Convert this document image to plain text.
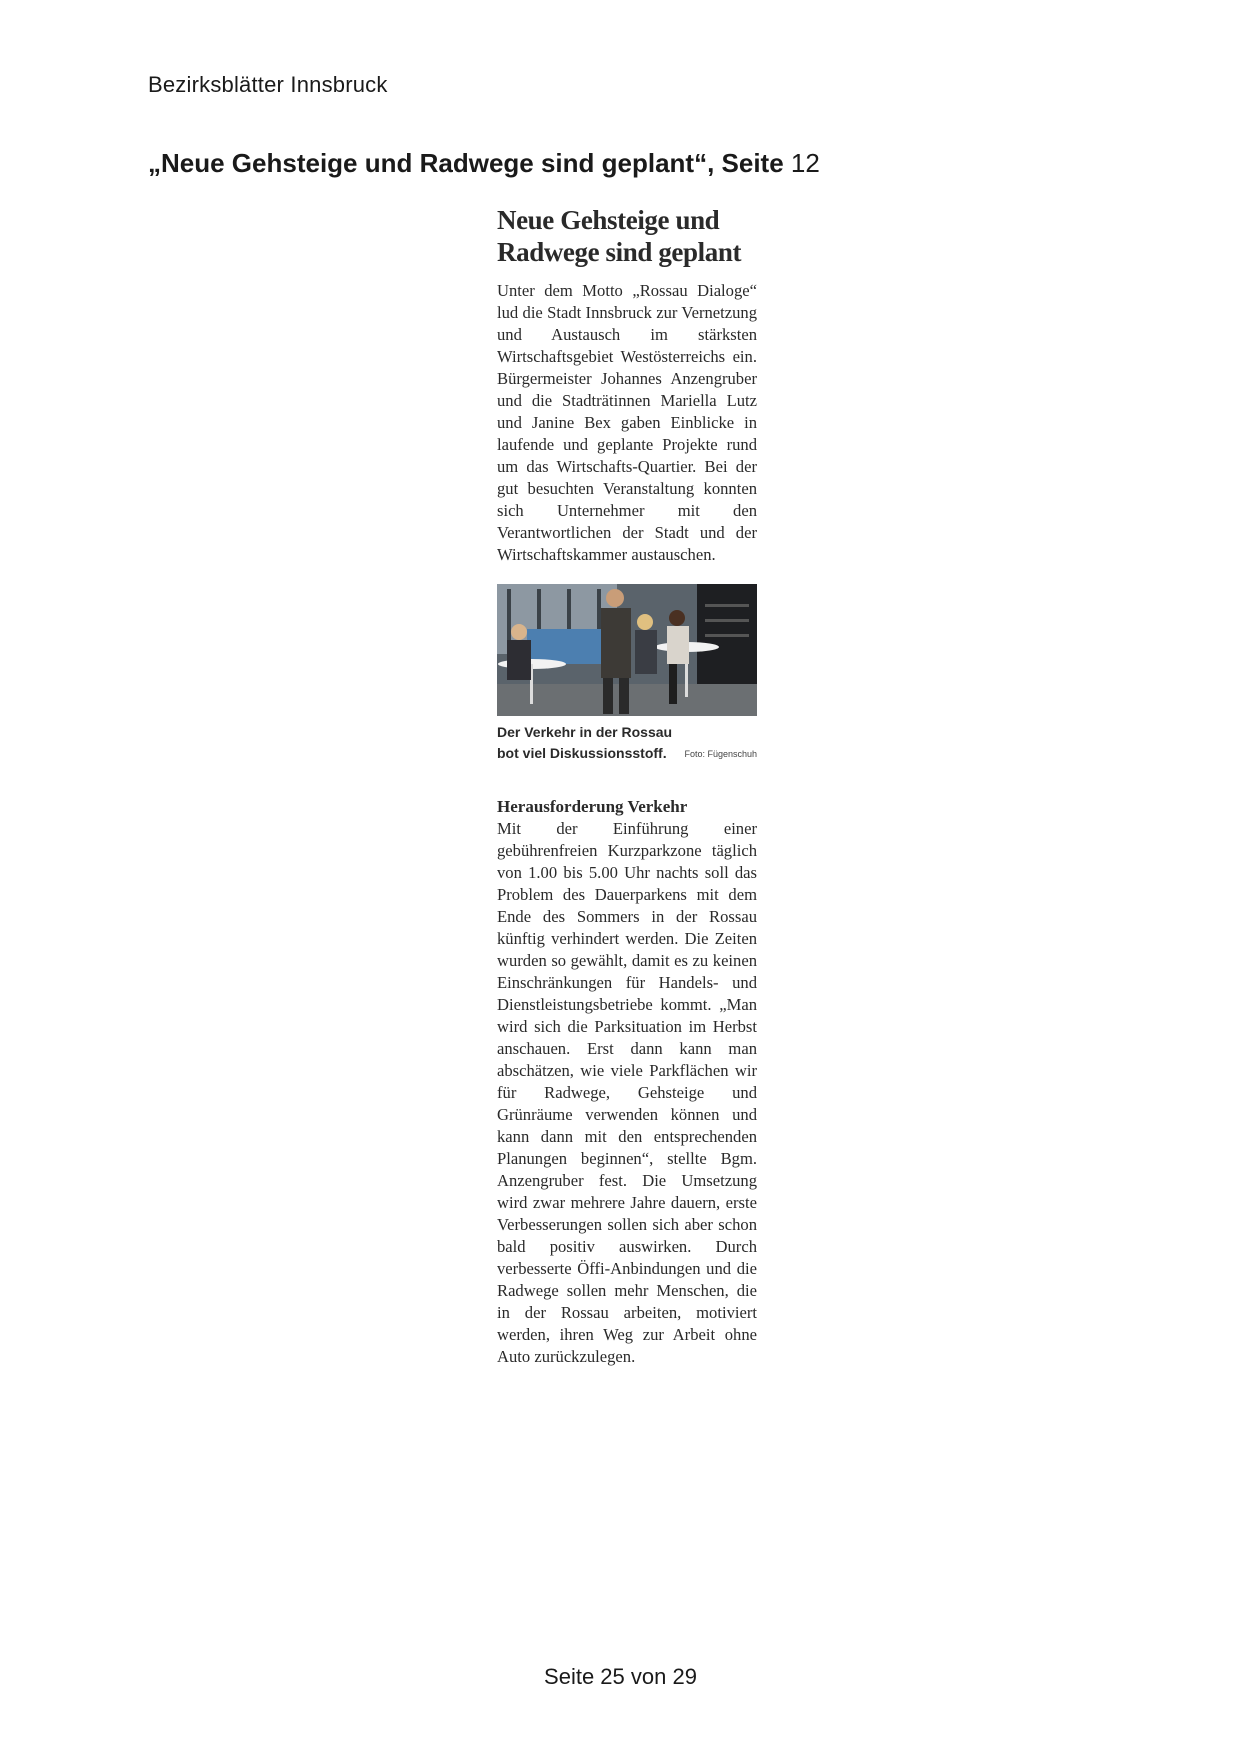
Bezirksblätter Innsbruck
„Neue Gehsteige und Radwege sind geplant“, Seite 12
Neue Gehsteige und
Radwege sind geplant

Unter dem Motto „Rossau Dialoge“ lud die Stadt Innsbruck zur Vernetzung und Austausch im stärksten Wirtschaftsgebiet Westösterreichs ein. Bürgermeister Johannes Anzengruber und die Stadträtinnen Mariella Lutz und Janine Bex gaben Einblicke in laufende und geplante Projekte rund um das Wirtschafts-Quartier. Bei der gut besuchten Veranstaltung konnten sich Unternehmer mit den Verantwortlichen der Stadt und der Wirtschaftskammer austauschen.

Der Verkehr in der Rossau bot viel Diskussionsstoff.	Foto: Fügenschuh
Herausforderung Verkehr

Mit der Einführung einer gebührenfreien Kurzparkzone täglich von 1.00 bis 5.00 Uhr nachts soll das Problem des Dauerparkens mit dem Ende des Sommers in der Rossau künftig verhindert werden. Die Zeiten wurden so gewählt, damit es zu keinen Einschränkungen für Handels- und Dienstleistungsbetriebe kommt. „Man wird sich die Parksituation im Herbst anschauen. Erst dann kann man abschätzen, wie viele Parkflächen wir für Radwege, Gehsteige und Grünräume verwenden können und kann dann mit den entsprechenden Planungen beginnen“, stellte Bgm. Anzengruber fest. Die Umsetzung wird zwar mehrere Jahre dauern, erste Verbesserungen sollen sich aber schon bald positiv auswirken. Durch verbesserte Öffi-Anbindungen und die Radwege sollen mehr Menschen, die in der Rossau arbeiten, motiviert werden, ihren Weg zur Arbeit ohne Auto zurückzulegen.

Seite 25 von 29
